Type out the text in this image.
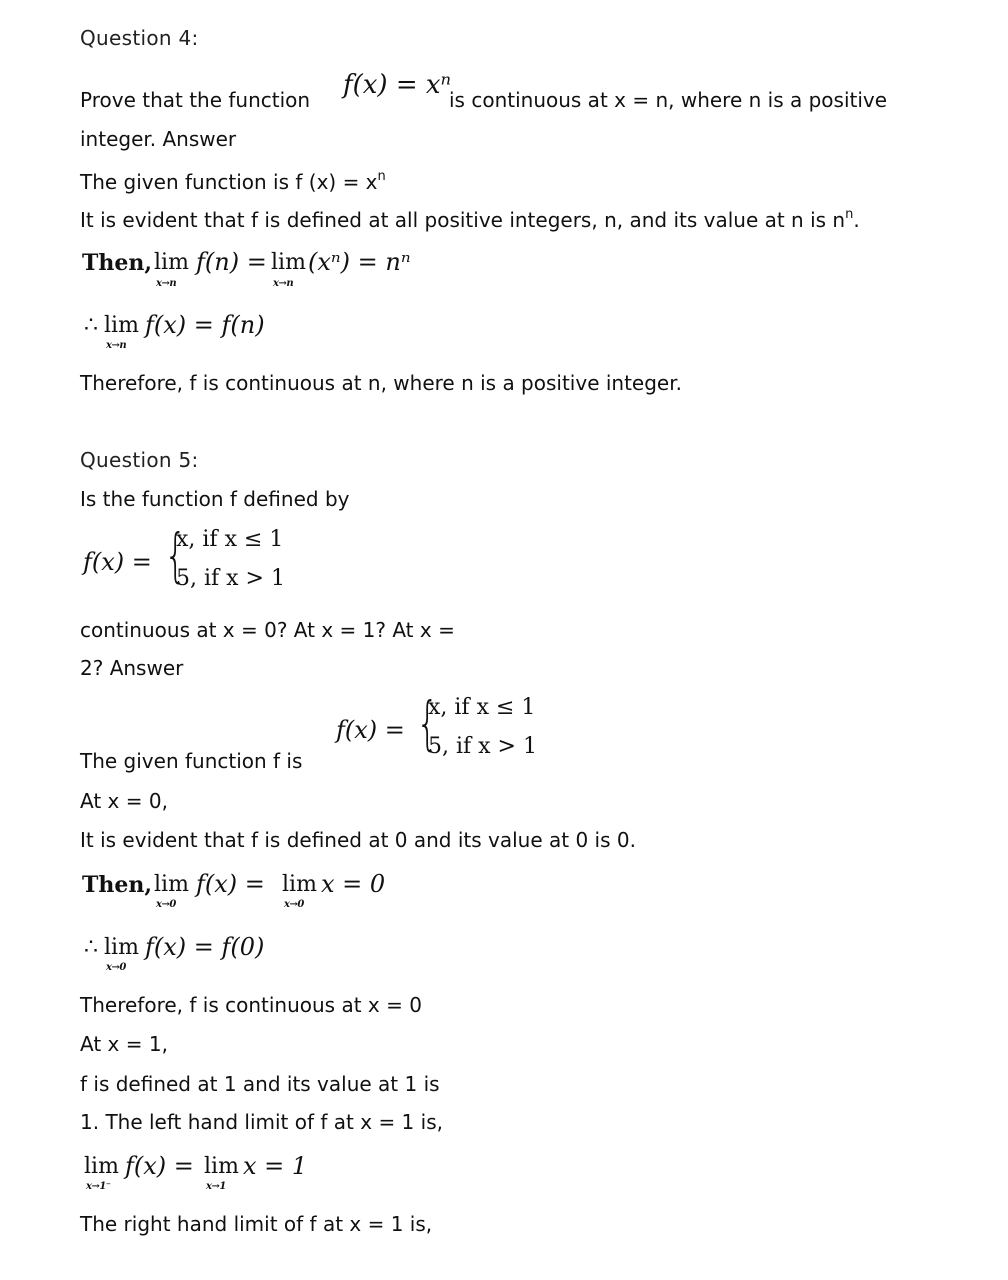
Question 4:
Prove that the function f(x) = xⁿ
is continuous at x = n, where n is a positive
integer. Answer
The given function is f $(x) = x^n$
It is evident that f is defined at all positive integers, n, and its value at n is $n^n$.
Then, lim
x→n
f(n) = lim
x→n
(xⁿ) = nⁿ
∴ lim
x→n
f(x) = f(n)
Therefore, f is continuous at n, where n is a positive integer.
Question 5:
Is the function f defined by
f(x) = {
x, if x ≤ 1
5, if x > 1
continuous at x = 0? At x = 1? At x =
2? Answer
f(x) = {
x, if x ≤ 1
5, if x > 1
The given function f is
At x = 0,
It is evident that f is defined at 0 and its value at 0 is 0.
Then, lim
x→0
f(x) = lim
x→0
x = 0
∴ lim
x→0
f(x) = f(0)
Therefore, f is continuous at x = 0
At x = 1,
f is defined at 1 and its value at 1 is
1. The left hand limit of f at x = 1 is,
lim
x→1⁻
f(x) = lim
x→1
x = 1
The right hand limit of f at x = 1 is,
